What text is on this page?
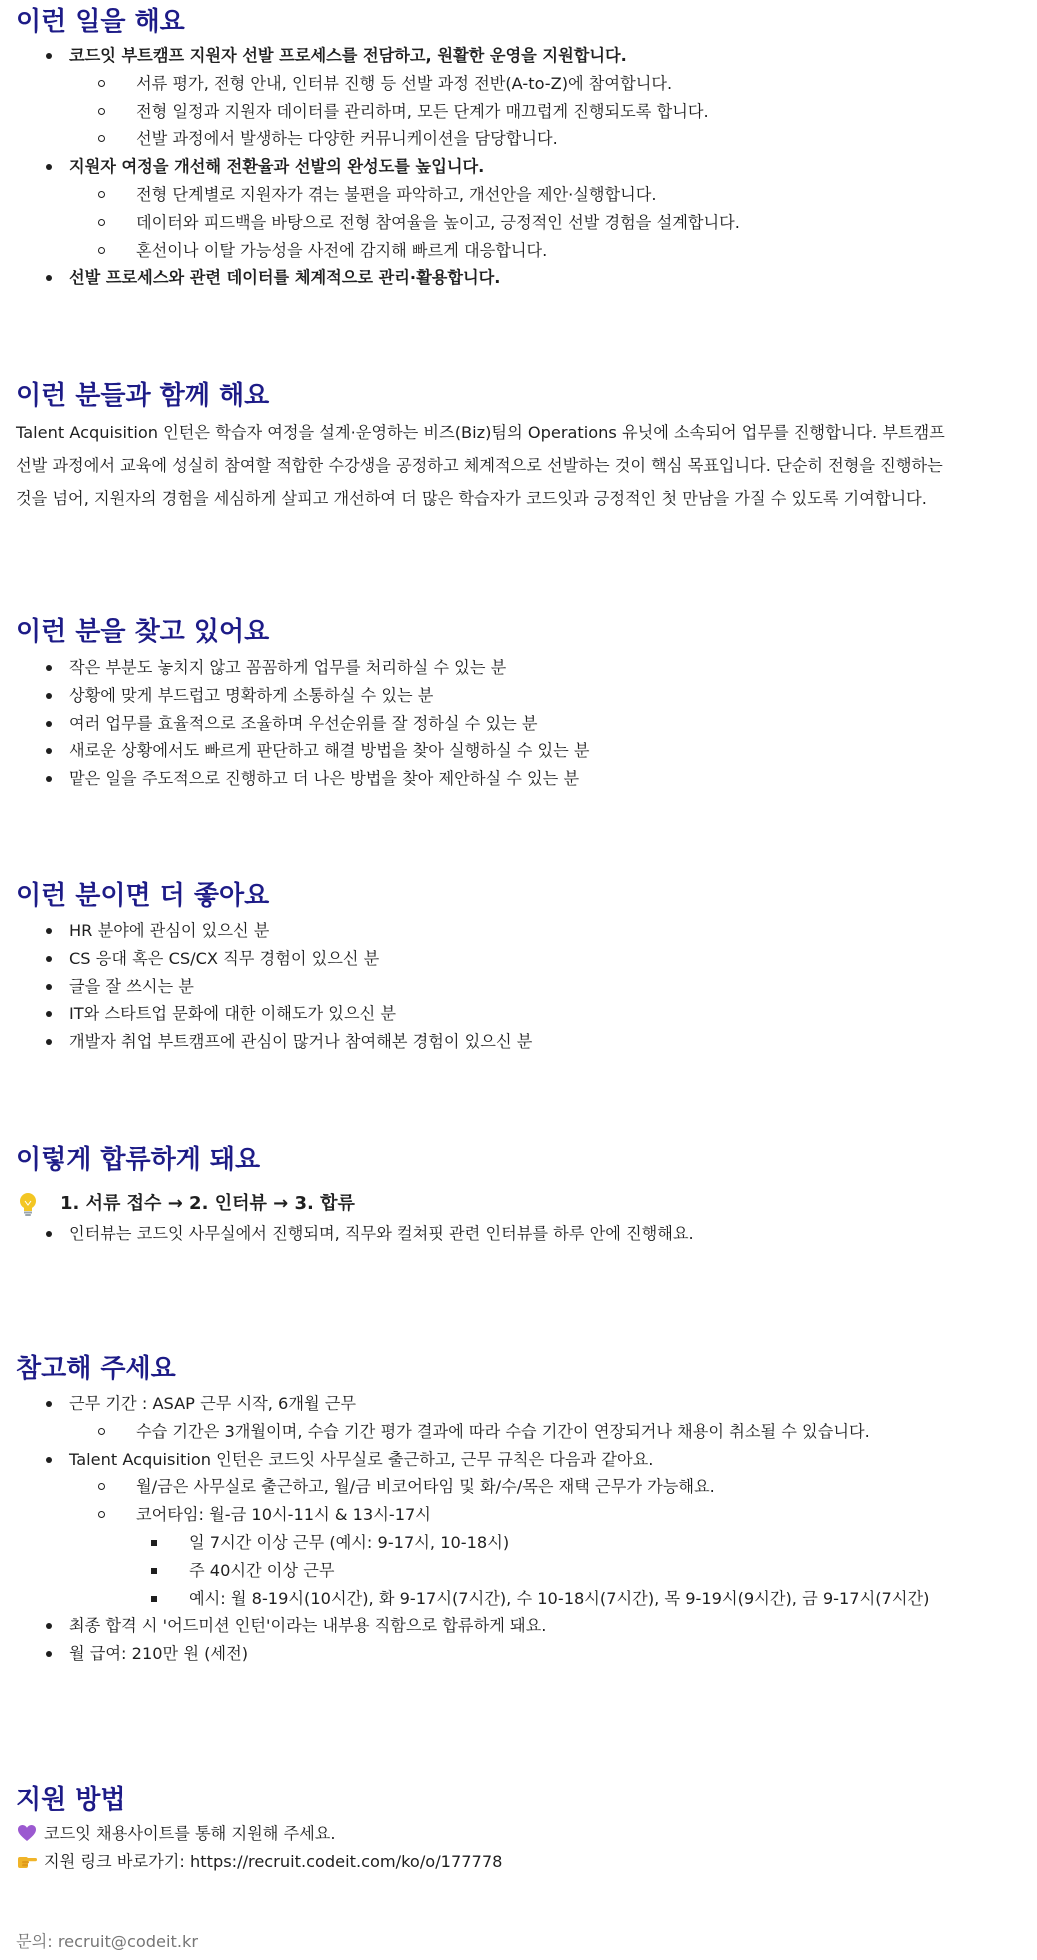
이런 일을 해요
코드잇 부트캠프 지원자 선발 프로세스를 전담하고, 원활한 운영을 지원합니다.
서류 평가, 전형 안내, 인터뷰 진행 등 선발 과정 전반(A-to-Z)에 참여합니다.
전형 일정과 지원자 데이터를 관리하며, 모든 단계가 매끄럽게 진행되도록 합니다.
선발 과정에서 발생하는 다양한 커뮤니케이션을 담당합니다.
지원자 여정을 개선해 전환율과 선발의 완성도를 높입니다.
전형 단계별로 지원자가 겪는 불편을 파악하고, 개선안을 제안·실행합니다.
데이터와 피드백을 바탕으로 전형 참여율을 높이고, 긍정적인 선발 경험을 설계합니다.
혼선이나 이탈 가능성을 사전에 감지해 빠르게 대응합니다.
선발 프로세스와 관련 데이터를 체계적으로 관리·활용합니다.
이런 분들과 함께 해요
Talent Acquisition 인턴은 학습자 여정을 설계·운영하는 비즈(Biz)팀의 Operations 유닛에 소속되어 업무를 진행합니다. 부트캠프
선발 과정에서 교육에 성실히 참여할 적합한 수강생을 공정하고 체계적으로 선발하는 것이 핵심 목표입니다. 단순히 전형을 진행하는
것을 넘어, 지원자의 경험을 세심하게 살피고 개선하여 더 많은 학습자가 코드잇과 긍정적인 첫 만남을 가질 수 있도록 기여합니다.
이런 분을 찾고 있어요
작은 부분도 놓치지 않고 꼼꼼하게 업무를 처리하실 수 있는 분
상황에 맞게 부드럽고 명확하게 소통하실 수 있는 분
여러 업무를 효율적으로 조율하며 우선순위를 잘 정하실 수 있는 분
새로운 상황에서도 빠르게 판단하고 해결 방법을 찾아 실행하실 수 있는 분
맡은 일을 주도적으로 진행하고 더 나은 방법을 찾아 제안하실 수 있는 분
이런 분이면 더 좋아요
HR 분야에 관심이 있으신 분
CS 응대 혹은 CS/CX 직무 경험이 있으신 분
글을 잘 쓰시는 분
IT와 스타트업 문화에 대한 이해도가 있으신 분
개발자 취업 부트캠프에 관심이 많거나 참여해본 경험이 있으신 분
이렇게 합류하게 돼요
1. 서류 접수 → 2. 인터뷰 → 3. 합류
인터뷰는 코드잇 사무실에서 진행되며, 직무와 컬쳐핏 관련 인터뷰를 하루 안에 진행해요.
참고해 주세요
근무 기간 : ASAP 근무 시작, 6개월 근무
수습 기간은 3개월이며, 수습 기간 평가 결과에 따라 수습 기간이 연장되거나 채용이 취소될 수 있습니다.
Talent Acquisition 인턴은 코드잇 사무실로 출근하고, 근무 규칙은 다음과 같아요.
월/금은 사무실로 출근하고, 월/금 비코어타임 및 화/수/목은 재택 근무가 가능해요.
코어타임: 월-금 10시-11시 & 13시-17시
일 7시간 이상 근무 (예시: 9-17시, 10-18시)
주 40시간 이상 근무
예시: 월 8-19시(10시간), 화 9-17시(7시간), 수 10-18시(7시간), 목 9-19시(9시간), 금 9-17시(7시간)
최종 합격 시 '어드미션 인턴'이라는 내부용 직함으로 합류하게 돼요.
월 급여: 210만 원 (세전)
지원 방법
코드잇 채용사이트를 통해 지원해 주세요.
지원 링크 바로가기: https://recruit.codeit.com/ko/o/177778
문의: recruit@codeit.kr
